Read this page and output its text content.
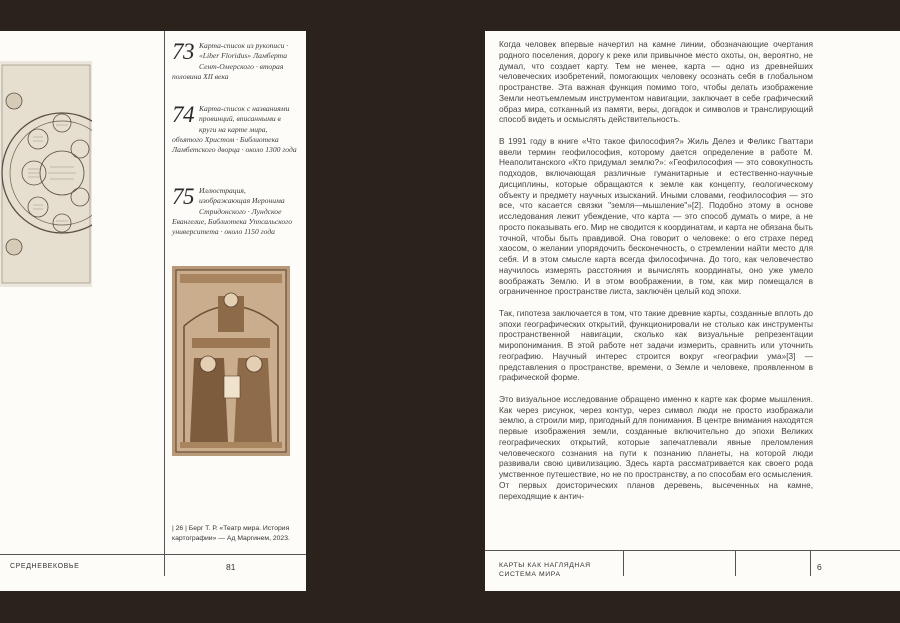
73 Карта-список из рукописи · «Liber Floridus» Ламберта Сент-Омерского · вторая половина XII века
74 Карта-список с названиями провинций, вписанными в круги на карте мира, объятого Христом · Библиотека Ламбетского дворца · около 1300 года
75 Иллюстрация, изображающая Иеронима Стридонского · Лундское Евангелие, Библиотека Уппсальского университета · около 1150 года
| 26 | Берг Т. Р. «Театр мира. История картографии» — Ад Маргинем, 2023.
СРЕДНЕВЕКОВЬЕ	81

Когда человек впервые начертил на камне линии, обозначающие очертания родного поселения, дорогу к реке или привычное место охоты, он, вероятно, не думал, что создает карту. Тем не менее, карта — одно из древнейших человеческих изобретений, помогающих человеку осознать себя в глобальном пространстве. Эта важная функция помимо того, чтобы делать изображение Земли неотъемлемым инструментом навигации, заключает в себе графический образ мира, сотканный из памяти, веры, догадок и символов и транслирующий способ видеть и осмыслять действительность.

В 1991 году в книге «Что такое философия?» Жиль Делез и Феликс Гваттари ввели термин геофилософия, которому дается определение в работе М. Неаполитанского «Кто придумал землю?»: «Геофилософия — это совокупность подходов, включающая различные гуманитарные и естественно-научные дисциплины, которые обращаются к земле как концепту, геологическому объекту и предмету научных изысканий. Иными словами, геофилософия — это все, что касается связки "земля—мышление"»[2]. Подобно этому в основе исследования лежит убеждение, что карта — это способ думать о мире, а не просто показывать его. Мир не сводится к координатам, и карта не обязана быть точной, чтобы быть правдивой. Она говорит о человеке: о его страхе перед хаосом, о желании упорядочить бесконечность, о стремлении найти место для себя. И в этом смысле карта всегда философична. До того, как человечество научилось измерять расстояния и вычислять координаты, оно уже умело воображать Землю. И в этом воображении, в том, как мир помещался в ограниченное пространстве листа, заключён целый код эпохи.

Так, гипотеза заключается в том, что такие древние карты, созданные вплоть до эпохи географических открытий, функционировали не столько как инструменты пространственной навигации, сколько как визуальные репрезентации миропонимания. В этой работе нет задачи измерить, сравнить или уточнить географию. Научный интерес строится вокруг «географии ума»[3] — представления о пространстве, времени, о Земле и человеке, проявленном в графической форме.

Это визуальное исследование обращено именно к карте как форме мышления. Как через рисунок, через контур, через символ люди не просто изображали землю, а строили мир, пригодный для понимания. В центре внимания находятся первые изображения земли, созданные включительно до эпохи Великих географических открытий, которые запечатлевали явные преломления человеческого сознания на пути к познанию планеты, на которой люди развивали свою цивилизацию. Здесь карта рассматривается как своего рода умственное путешествие, но не по пространству, а по способам его осмысления. От первых доисторических планов деревень, высеченных на камне, переходящие к антич-

КАРТЫ КАК НАГЛЯДНАЯ СИСТЕМА МИРА
6
